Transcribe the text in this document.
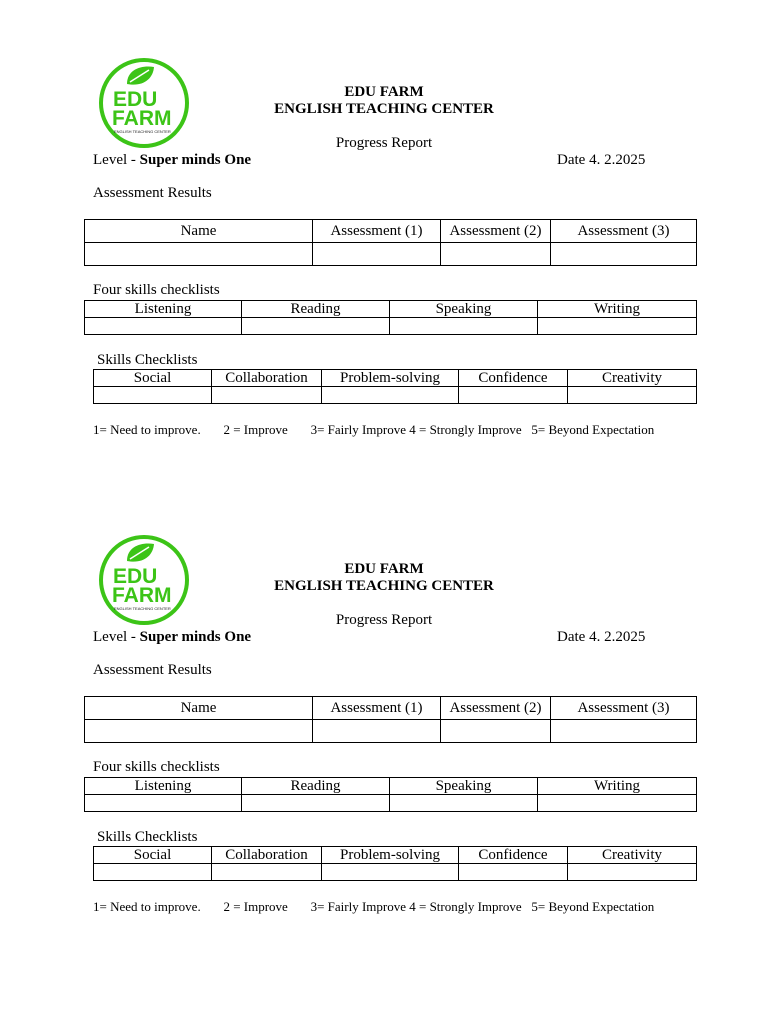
EDU
FARM
ENGLISH TEACHING CENTER
EDU FARM
ENGLISH TEACHING CENTER
Progress Report
Level - Super minds One	Date 4. 2.2025
Assessment Results
Name	Assessment (1)	Assessment (2)	Assessment (3)

Four skills checklists
Listening	Reading	Speaking	Writing

Skills Checklists
Social	Collaboration	Problem-solving	Confidence	Creativity

1= Need to improve.       2 = Improve       3= Fairly Improve 4 = Strongly Improve   5= Beyond Expectation
EDU
FARM
ENGLISH TEACHING CENTER
EDU FARM
ENGLISH TEACHING CENTER
Progress Report
Level - Super minds One	Date 4. 2.2025
Assessment Results
Name	Assessment (1)	Assessment (2)	Assessment (3)

Four skills checklists
Listening	Reading	Speaking	Writing

Skills Checklists
Social	Collaboration	Problem-solving	Confidence	Creativity

1= Need to improve.       2 = Improve       3= Fairly Improve 4 = Strongly Improve   5= Beyond Expectation
